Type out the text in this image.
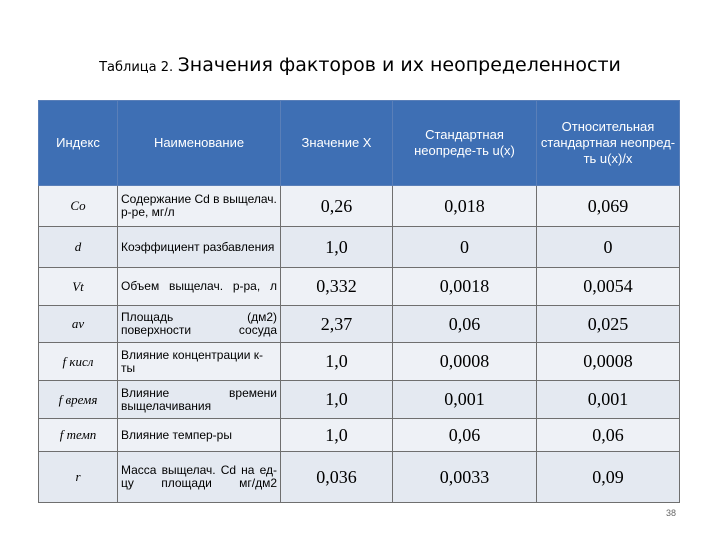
Таблица 2. Значения факторов и их неопределенности
Индекс	Наименование	Значение X	Стандартная неопреде-ть u(x)	Относительная стандартная неопред-ть u(x)/x
Co	Содержание Cd в выщелач. р-ре, мг/л	0,26	0,018	0,069
d	Коэффициент разбавления	1,0	0	0
Vt	Объем выщелач. р-ра, л	0,332	0,0018	0,0054
av	Площадь (дм2) поверхности сосуда	2,37	0,06	0,025
f кисл	Влияние концентрации к-ты	1,0	0,0008	0,0008
f время	Влияние времени выщелачивания	1,0	0,001	0,001
f темп	Влияние темпер-ры	1,0	0,06	0,06
r	Масса выщелач. Cd на ед-цу площади мг/дм2	0,036	0,0033	0,09
38
